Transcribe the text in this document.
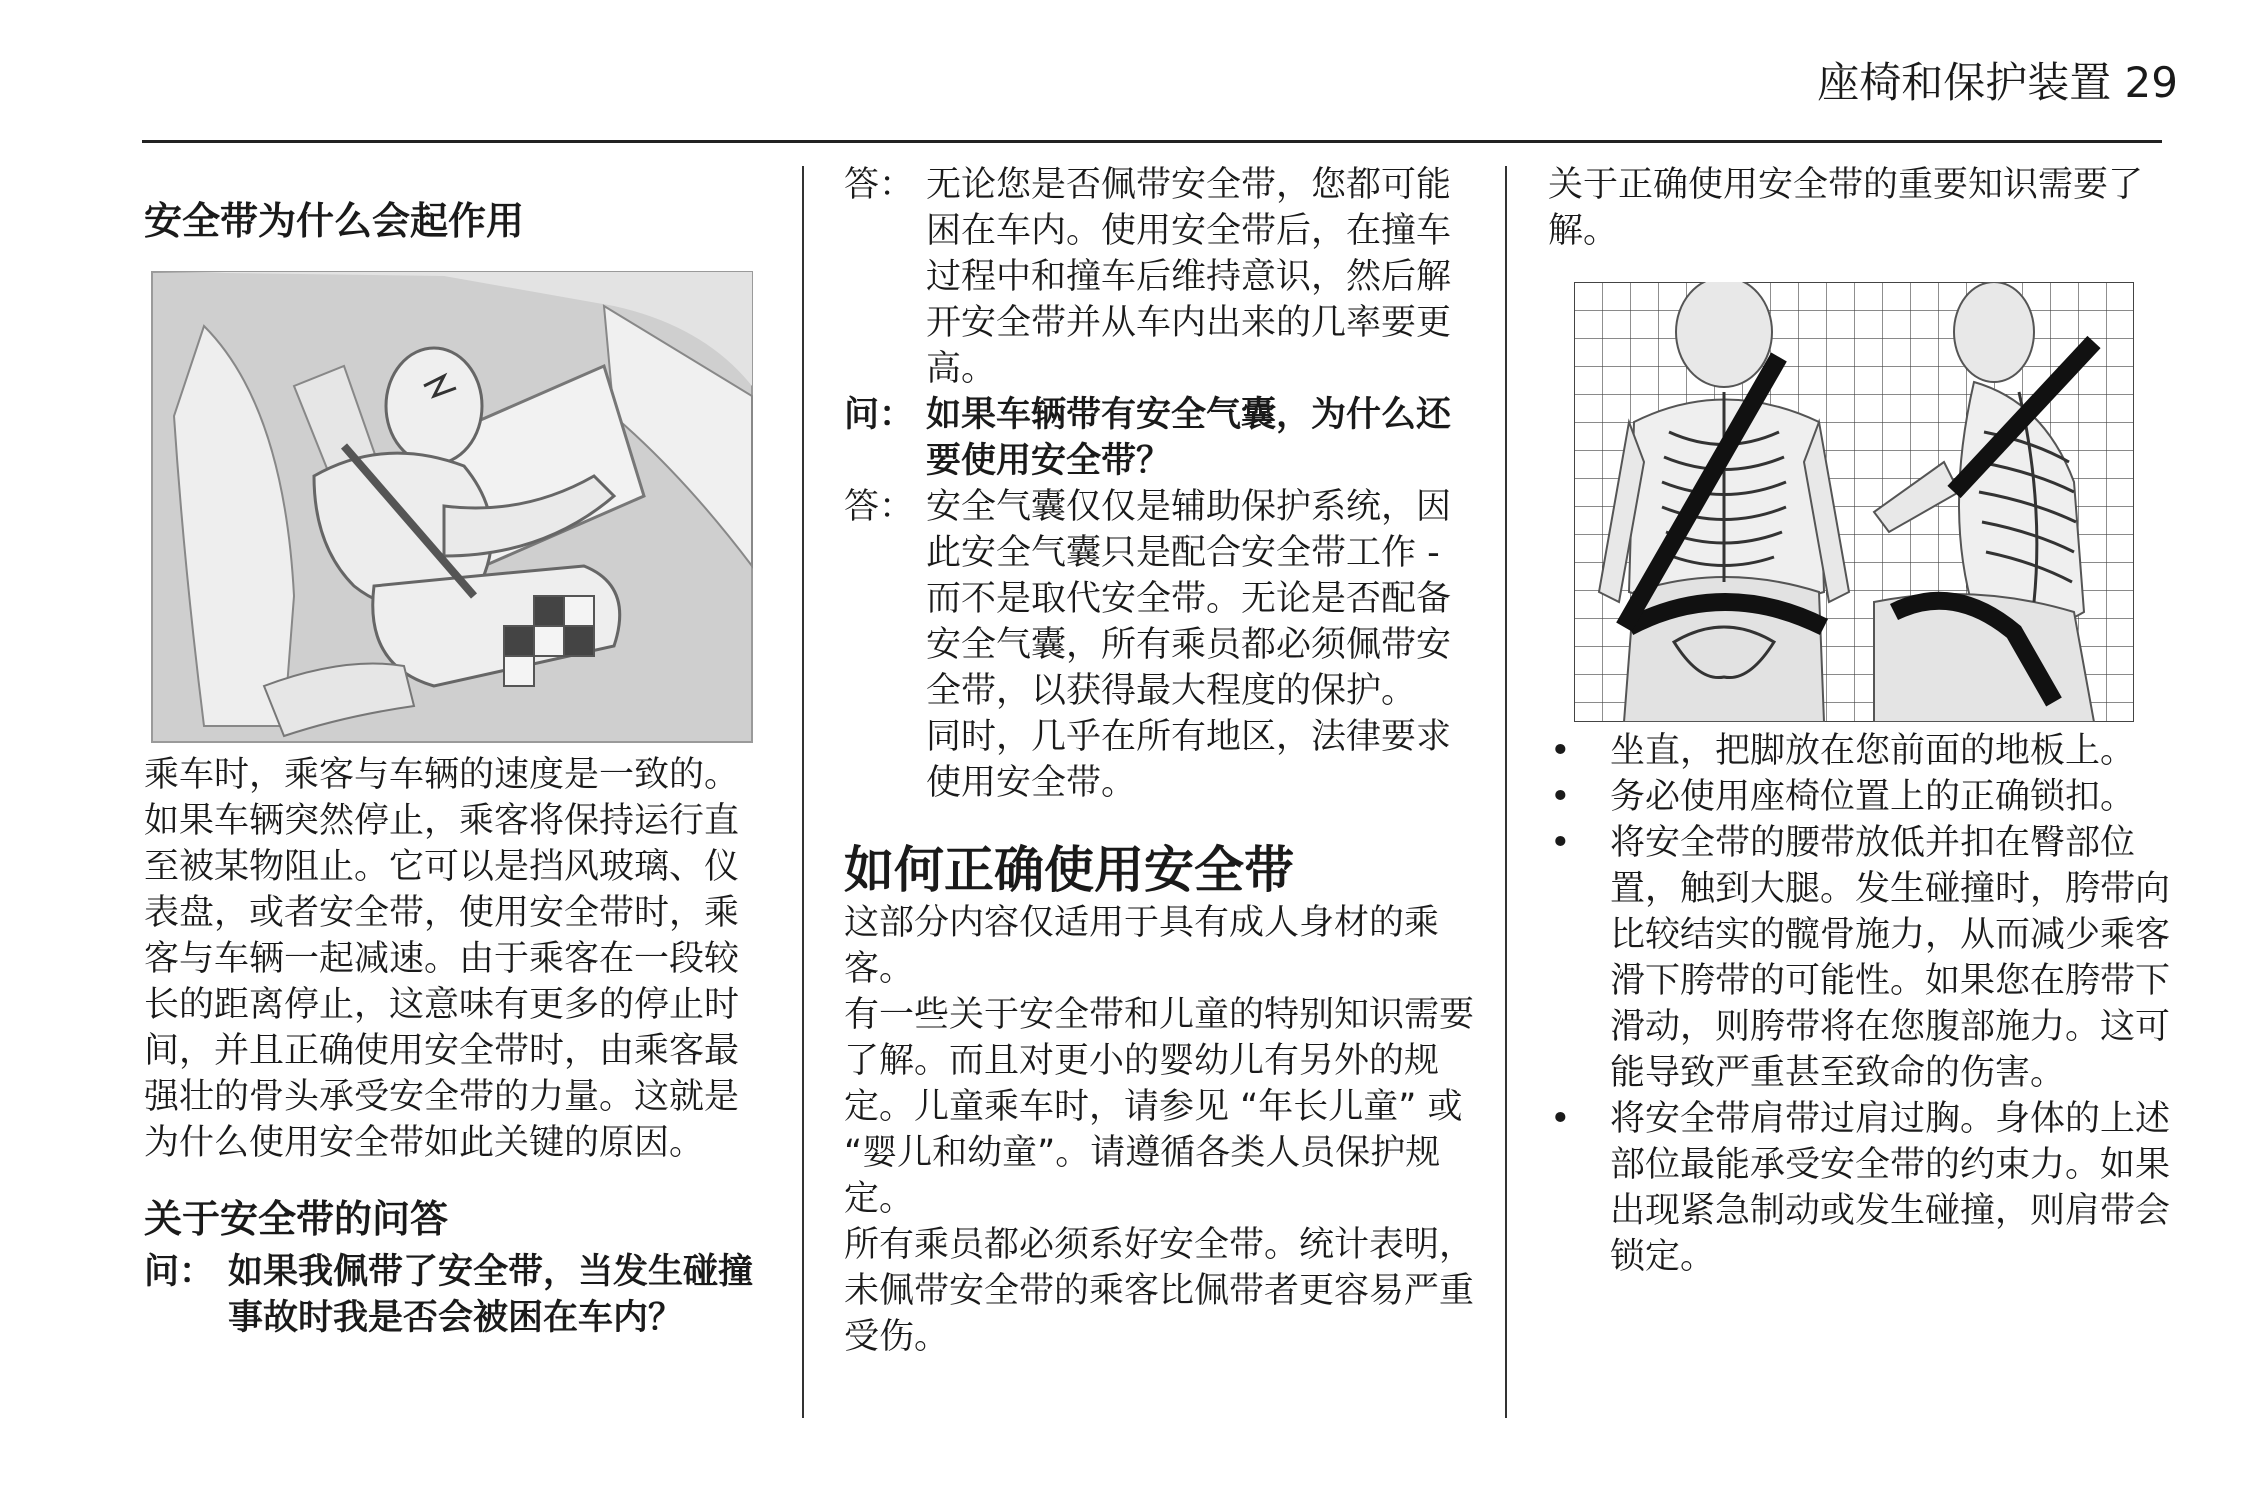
座椅和保护装置 29
安全带为什么会起作用

乘车时，乘客与车辆的速度是一致的。如果车辆突然停止，乘客将保持运行直至被某物阻止。它可以是挡风玻璃、仪表盘，或者安全带，使用安全带时，乘客与车辆一起减速。由于乘客在一段较长的距离停止，这意味有更多的停止时间，并且正确使用安全带时，由乘客最强壮的骨头承受安全带的力量。这就是为什么使用安全带如此关键的原因。

关于安全带的问答
问： 如果我佩带了安全带，当发生碰撞事故时我是否会被困在车内？
答： 无论您是否佩带安全带，您都可能困在车内。使用安全带后，在撞车过程中和撞车后维持意识，然后解开安全带并从车内出来的几率要更高。
问： 如果车辆带有安全气囊，为什么还要使用安全带？
答： 安全气囊仅仅是辅助保护系统，因此安全气囊只是配合安全带工作 - 而不是取代安全带。无论是否配备安全气囊，所有乘员都必须佩带安全带，以获得最大程度的保护。
同时，几乎在所有地区，法律要求使用安全带。
如何正确使用安全带

这部分内容仅适用于具有成人身材的乘客。

有一些关于安全带和儿童的特别知识需要了解。而且对更小的婴幼儿有另外的规定。儿童乘车时，请参见 “年长儿童” 或 “婴儿和幼童”。请遵循各类人员保护规定。

所有乘员都必须系好安全带。统计表明，未佩带安全带的乘客比佩带者更容易严重受伤。

关于正确使用安全带的重要知识需要了解。

•	坐直，把脚放在您前面的地板上。
•	务必使用座椅位置上的正确锁扣。
•	将安全带的腰带放低并扣在臀部位置，触到大腿。发生碰撞时，胯带向比较结实的髋骨施力，从而减少乘客滑下胯带的可能性。如果您在胯带下滑动，则胯带将在您腹部施力。这可能导致严重甚至致命的伤害。
•	将安全带肩带过肩过胸。身体的上述部位最能承受安全带的约束力。如果出现紧急制动或发生碰撞，则肩带会锁定。
